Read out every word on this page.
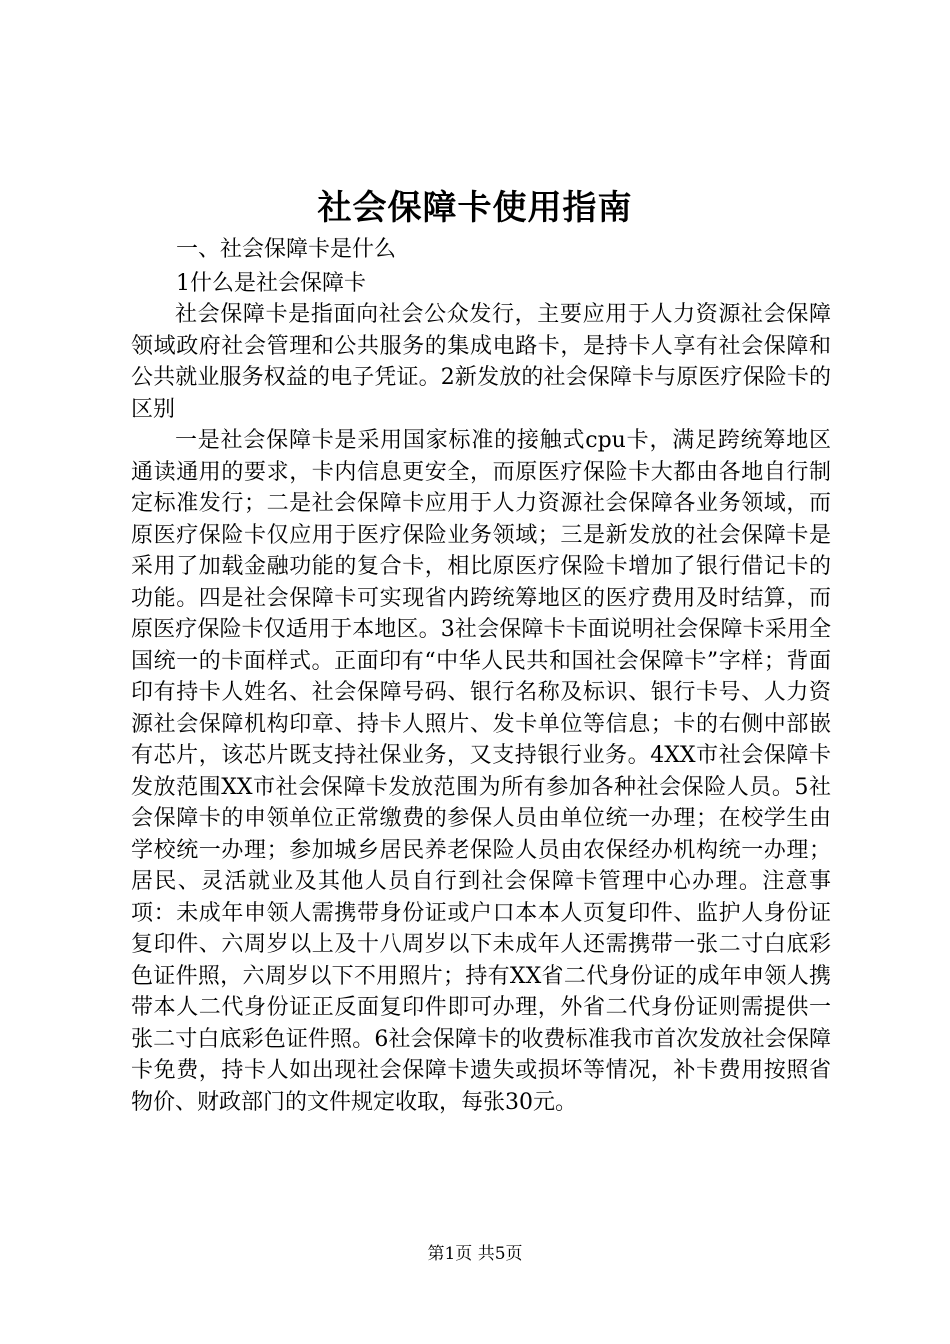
社会保障卡使用指南
一、社会保障卡是什么
1什么是社会保障卡

社会保障卡是指面向社会公众发行，主要应用于人力资源社会保障领域政府社会管理和公共服务的集成电路卡，是持卡人享有社会保障和公共就业服务权益的电子凭证。2新发放的社会保障卡与原医疗保险卡的区别

一是社会保障卡是采用国家标准的接触式cpu卡，满足跨统筹地区通读通用的要求，卡内信息更安全，而原医疗保险卡大都由各地自行制定标准发行；二是社会保障卡应用于人力资源社会保障各业务领域，而原医疗保险卡仅应用于医疗保险业务领域；三是新发放的社会保障卡是采用了加载金融功能的复合卡，相比原医疗保险卡增加了银行借记卡的功能。四是社会保障卡可实现省内跨统筹地区的医疗费用及时结算，而原医疗保险卡仅适用于本地区。3社会保障卡卡面说明社会保障卡采用全国统一的卡面样式。正面印有“中华人民共和国社会保障卡”字样；背面印有持卡人姓名、社会保障号码、银行名称及标识、银行卡号、人力资源社会保障机构印章、持卡人照片、发卡单位等信息；卡的右侧中部嵌有芯片，该芯片既支持社保业务，又支持银行业务。4XX市社会保障卡发放范围XX市社会保障卡发放范围为所有参加各种社会保险人员。5社会保障卡的申领单位正常缴费的参保人员由单位统一办理；在校学生由学校统一办理；参加城乡居民养老保险人员由农保经办机构统一办理；居民、灵活就业及其他人员自行到社会保障卡管理中心办理。注意事项：未成年申领人需携带身份证或户口本本人页复印件、监护人身份证复印件、六周岁以上及十八周岁以下未成年人还需携带一张二寸白底彩色证件照，六周岁以下不用照片；持有XX省二代身份证的成年申领人携带本人二代身份证正反面复印件即可办理，外省二代身份证则需提供一张二寸白底彩色证件照。6社会保障卡的收费标准我市首次发放社会保障卡免费，持卡人如出现社会保障卡遗失或损坏等情况，补卡费用按照省物价、财政部门的文件规定收取，每张30元。

第1页 共5页
